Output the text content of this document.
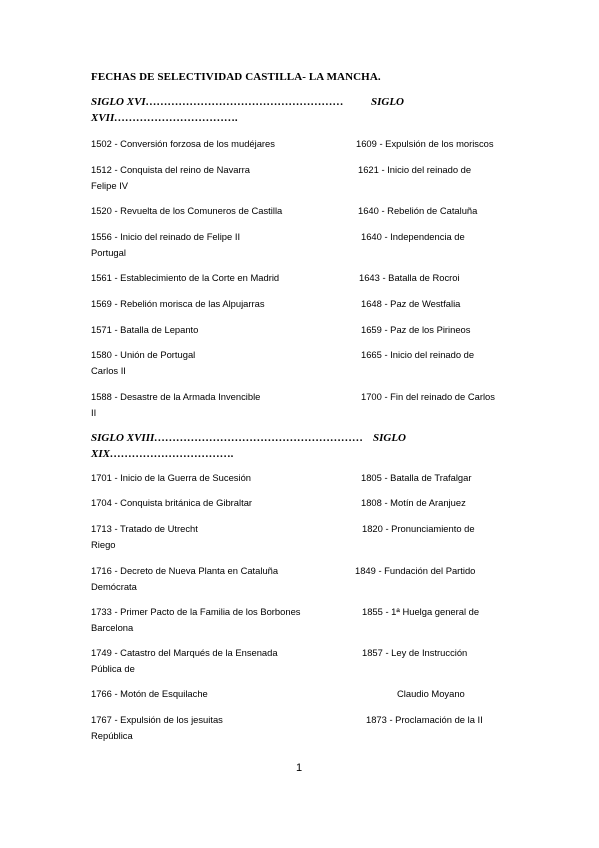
FECHAS DE SELECTIVIDAD CASTILLA- LA MANCHA.
SIGLO XVI……………………………………………… SIGLO
XVII…………………………….
1502 - Conversión forzosa de los mudéjares	1609 - Expulsión de los moriscos
1512 - Conquista del reino de Navarra	1621 - Inicio del reinado de
Felipe IV
1520 - Revuelta de los Comuneros de Castilla	1640 - Rebelión de Cataluña
1556 - Inicio del reinado de Felipe II	1640 - Independencia de
Portugal
1561 - Establecimiento de la Corte en Madrid	1643 - Batalla de Rocroi
1569 - Rebelión morisca de las Alpujarras	1648 - Paz de Westfalia
1571 - Batalla de Lepanto	1659 - Paz de los Pirineos
1580 - Unión de Portugal	1665 - Inicio del reinado de
Carlos II
1588 - Desastre de la Armada Invencible	1700 - Fin del reinado de Carlos
II
SIGLO XVIII………………………………………………… SIGLO
XIX…………………………….
1701 - Inicio de la Guerra de Sucesión	1805 - Batalla de Trafalgar
1704 - Conquista británica de Gibraltar	1808 - Motín de Aranjuez
1713 - Tratado de Utrecht	1820 - Pronunciamiento de
Riego
1716 - Decreto de Nueva Planta en Cataluña	1849 - Fundación del Partido
Demócrata
1733 - Primer Pacto de la Familia de los Borbones	1855 - 1ª Huelga general de
Barcelona
1749 - Catastro del Marqués de la Ensenada	1857 - Ley de Instrucción
Pública de
1766 - Motón de Esquilache	Claudio Moyano
1767 - Expulsión de los jesuitas	1873 - Proclamación de la II
República
1
